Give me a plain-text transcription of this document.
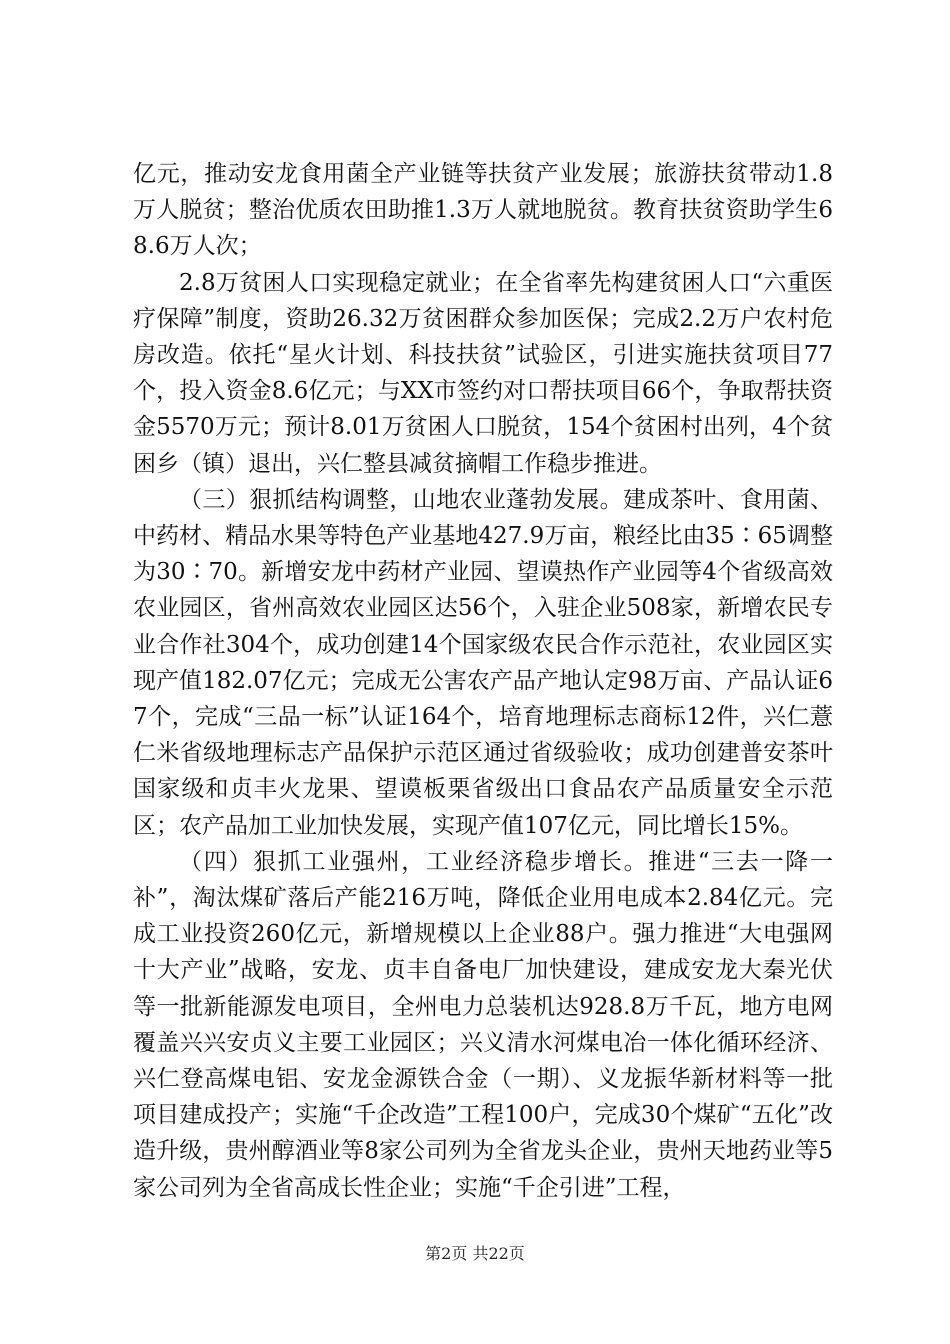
亿元，推动安龙食用菌全产业链等扶贫产业发展；旅游扶贫带动1.8万人脱贫；整治优质农田助推1.3万人就地脱贫。教育扶贫资助学生68.6万人次；

2.8万贫困人口实现稳定就业；在全省率先构建贫困人口“六重医疗保障”制度，资助26.32万贫困群众参加医保；完成2.2万户农村危房改造。依托“星火计划、科技扶贫”试验区，引进实施扶贫项目77个，投入资金8.6亿元；与XX市签约对口帮扶项目66个，争取帮扶资金5570万元；预计8.01万贫困人口脱贫，154个贫困村出列，4个贫困乡（镇）退出，兴仁整县减贫摘帽工作稳步推进。

（三）狠抓结构调整，山地农业蓬勃发展。建成茶叶、食用菌、中药材、精品水果等特色产业基地427.9万亩，粮经比由35∶65调整为30∶70。新增安龙中药材产业园、望谟热作产业园等4个省级高效农业园区，省州高效农业园区达56个，入驻企业508家，新增农民专业合作社304个，成功创建14个国家级农民合作示范社，农业园区实现产值182.07亿元；完成无公害农产品产地认定98万亩、产品认证67个，完成“三品一标”认证164个，培育地理标志商标12件，兴仁薏仁米省级地理标志产品保护示范区通过省级验收；成功创建普安茶叶国家级和贞丰火龙果、望谟板栗省级出口食品农产品质量安全示范区；农产品加工业加快发展，实现产值107亿元，同比增长15%。

（四）狠抓工业强州，工业经济稳步增长。推进“三去一降一补”，淘汰煤矿落后产能216万吨，降低企业用电成本2.84亿元。完成工业投资260亿元，新增规模以上企业88户。强力推进“大电强网十大产业”战略，安龙、贞丰自备电厂加快建设，建成安龙大秦光伏等一批新能源发电项目，全州电力总装机达928.8万千瓦，地方电网覆盖兴兴安贞义主要工业园区；兴义清水河煤电冶一体化循环经济、兴仁登高煤电铝、安龙金源铁合金（一期）、义龙振华新材料等一批项目建成投产；实施“千企改造”工程100户，完成30个煤矿“五化”改造升级，贵州醇酒业等8家公司列为全省龙头企业，贵州天地药业等5家公司列为全省高成长性企业；实施“千企引进”工程，

第2页 共22页
